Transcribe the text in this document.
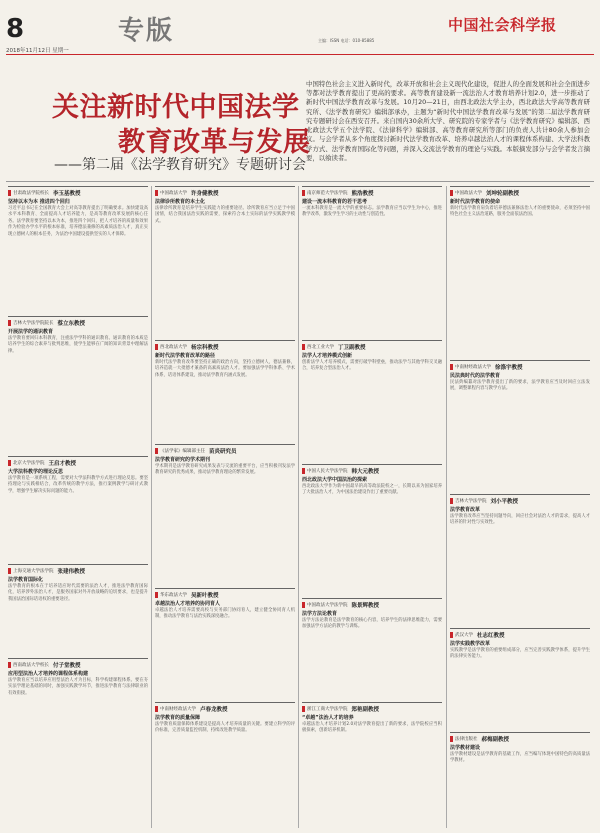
8	专版
2018年11月12日 星期一
中国社会科学报
主编：ISSN 电话：010-85885
关注新时代中国法学
教育改革与发展
——第二届《法学教育研究》专题研讨会
中国特色社会主义进入新时代，改革开放和社会主义现代化建设，促进人的全面发展和社会全面进步等都对法学教育提出了更高的要求。高等教育建设新一流法治人才教育培养计划2.0，进一步推动了新时代中国法学教育改革与发展。10月20—21日，由西北政法大学主办，西北政法大学高等教育研究所、《法学教育研究》编辑部承办，主题为“新时代中国法学教育改革与发展”的第二届法学教育研究专题研讨会在西安召开。来自国内30余所大学、研究院的专家学者与《法学教育研究》编辑部、西北政法大学五个法学院、《法律科学》编辑部、高等教育研究所等部门的负责人共计80余人参加会议。与会学者从多个角度探讨新时代法学教育改革、培养卓越法治人才的课程体系构建、大学法科教学方式、法学教育国际化等问题，并深入交流法学教育的理论与实践。本版摘发部分与会学者发言摘要，以飨读者。
甘肃政法学院校长 李玉基教授
坚持以本为本 推进四个回归
习近平总书记在全国教育大会上对高等教育提出了明确要求。加快建设高水平本科教育、全面提高人才培养能力，是高等教育改革发展的核心任务。法学教育要坚持以本为本，推进四个回归，把人才培养的质量和效果作为检验办学水平的根本标准，培养德法兼修的高素质法治人才，真正实现立德树人的根本任务，为法治中国建设提供坚实的人才保障。
吉林大学法学院院长 蔡立东教授
开展法学的通识教育
法学教育要回归本科教育，注重法学学科的通识教育。通识教育的本质是培养学生的综合素养与批判思维，使学生能够在广阔的知识背景中理解法律。
北京大学法学院 王启才教授
大学法科教学的理论反思
法学教育是一项系统工程，需要对大学法科教学方式进行理论反思。要坚持理论与实践相结合，改革传统的教学方法，推行案例教学与研讨式教学，增强学生解决实际问题的能力。
上海交通大学法学院 张建伟教授
法学教育国际化
法学教育的根本在于培养适应时代需要的法治人才，推进法学教育国际化，培养涉外法治人才，是服务国家对外开放战略的迫切要求，也是提升我国法治国际话语权的重要途径。
西南政法大学校长 付子堂教授
应用型法治人才培养的课程体系构建
法学教育应当以培养应用型法治人才为目标，科学构建课程体系。要在夯实法学理论基础的同时，加强实践教学环节，推进法学教育与法律职业的有效衔接。
中国政法大学 许身健教授
法律诊所教育的本土化
法律诊所教育是培养学生实践能力的重要途径。诊所教育应当立足于中国国情，结合我国法治实践的需要，探索符合本土实际的法学实践教学模式。
西北政法大学 杨宗科教授
新时代法学教育改革的路径
新时代法学教育改革要坚持正确的政治方向，坚持立德树人，德法兼修，培养造就一大批德才兼备的高素质法治人才。要加强法学学科体系、学术体系、话语体系建设，推动法学教育内涵式发展。
《法学家》编辑部主任 苗炎研究员
法学教育研究的学术期刊
学术期刊是法学教育研究成果发表与交流的重要平台，应当积极刊发法学教育研究的优秀成果，推动法学教育理论的繁荣发展。
华东政法大学 吴新叶教授
卓越法治人才培养的协同育人
卓越法治人才培养需要高校与实务部门协同育人，建立健全协同育人机制，推动法学教育与法治实践深度融合。
中南财经政法大学 卢春龙教授
法学教育的质量保障
法学教育质量保障体系建设是提高人才培养质量的关键。要建立科学的评价标准，完善质量监控机制，持续改进教学质量。
南京师范大学法学院 熊浩教授
建设一流本科教育的若干思考
一流本科教育是一流大学的重要标志。法学教育应当以学生为中心，推进教学改革，激发学生学习的主动性与创造性。
西北工业大学 丁卫副教授
法学人才培养模式创新
创新法学人才培养模式，需要打破学科壁垒，推动法学与其他学科交叉融合，培养复合型法治人才。
中国人民大学法学院 韩大元教授
西北政法大学中国法治的探索
西北政法大学作为新中国最早的高等政法院校之一，长期以来为国家培养了大批法治人才，为中国法治建设作出了重要贡献。
中国政法大学法学院 陈景辉教授
法学方法论教育
法学方法论教育是法学教育的核心内容，培养学生的法律思维能力，需要加强法学方法论的教学与训练。
浙江工商大学法学院 郑艳副教授
“卓越”法治人才的培养
卓越法治人才培养计划2.0对法学教育提出了新的要求，法学院校应当积极探索，创新培养机制。
中国政法大学 刘坤轮副教授
新时代法学教育的使命
新时代法学教育肩负着培养德法兼修法治人才的重要使命，必须坚持中国特色社会主义法治道路，服务全面依法治国。
中南财经政法大学 徐涤宇教授
民法典时代的法学教育
民法典编纂对法学教育提出了新的要求，法学教育应当及时回应立法发展，调整课程内容与教学方法。
吉林大学法学院 刘小平教授
法学教育改革
法学教育改革应当坚持问题导向，回应社会对法治人才的需求，提高人才培养的针对性与实效性。
武汉大学 杜志红教授
法学实践教学改革
实践教学是法学教育的重要组成部分，应当完善实践教学体系，提升学生的法律实务能力。
法律出版社 郝梅副教授
法学教材建设
法学教材建设是法学教育的基础工作，应当编写体现中国特色的高质量法学教材。
